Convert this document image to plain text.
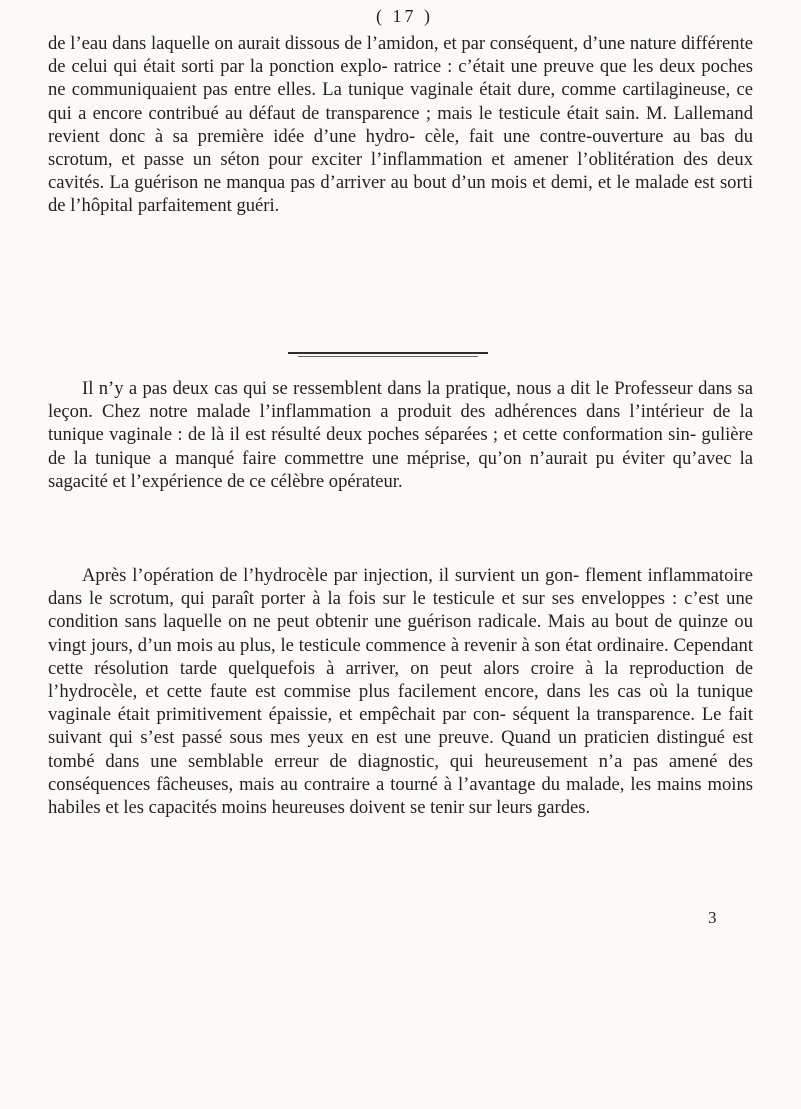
( 17 )

de l’eau dans laquelle on aurait dissous de l’amidon, et par conséquent, d’une nature différente de celui qui était sorti par la ponction explo- ratrice : c’était une preuve que les deux poches ne communiquaient pas entre elles. La tunique vaginale était dure, comme cartilagineuse, ce qui a encore contribué au défaut de transparence ; mais le testicule était sain. M. Lallemand revient donc à sa première idée d’une hydro- cèle, fait une contre-ouverture au bas du scrotum, et passe un séton pour exciter l’inflammation et amener l’oblitération des deux cavités. La guérison ne manqua pas d’arriver au bout d’un mois et demi, et le malade est sorti de l’hôpital parfaitement guéri.

Il n’y a pas deux cas qui se ressemblent dans la pratique, nous a dit le Professeur dans sa leçon. Chez notre malade l’inflammation a produit des adhérences dans l’intérieur de la tunique vaginale : de là il est résulté deux poches séparées ; et cette conformation sin- gulière de la tunique a manqué faire commettre une méprise, qu’on n’aurait pu éviter qu’avec la sagacité et l’expérience de ce célèbre opérateur.

Après l’opération de l’hydrocèle par injection, il survient un gon- flement inflammatoire dans le scrotum, qui paraît porter à la fois sur le testicule et sur ses enveloppes : c’est une condition sans laquelle on ne peut obtenir une guérison radicale. Mais au bout de quinze ou vingt jours, d’un mois au plus, le testicule commence à revenir à son état ordinaire. Cependant cette résolution tarde quelquefois à arriver, on peut alors croire à la reproduction de l’hydrocèle, et cette faute est commise plus facilement encore, dans les cas où la tunique vaginale était primitivement épaissie, et empêchait par con- séquent la transparence. Le fait suivant qui s’est passé sous mes yeux en est une preuve. Quand un praticien distingué est tombé dans une semblable erreur de diagnostic, qui heureusement n’a pas amené des conséquences fâcheuses, mais au contraire a tourné à l’avantage du malade, les mains moins habiles et les capacités moins heureuses doivent se tenir sur leurs gardes.

3
